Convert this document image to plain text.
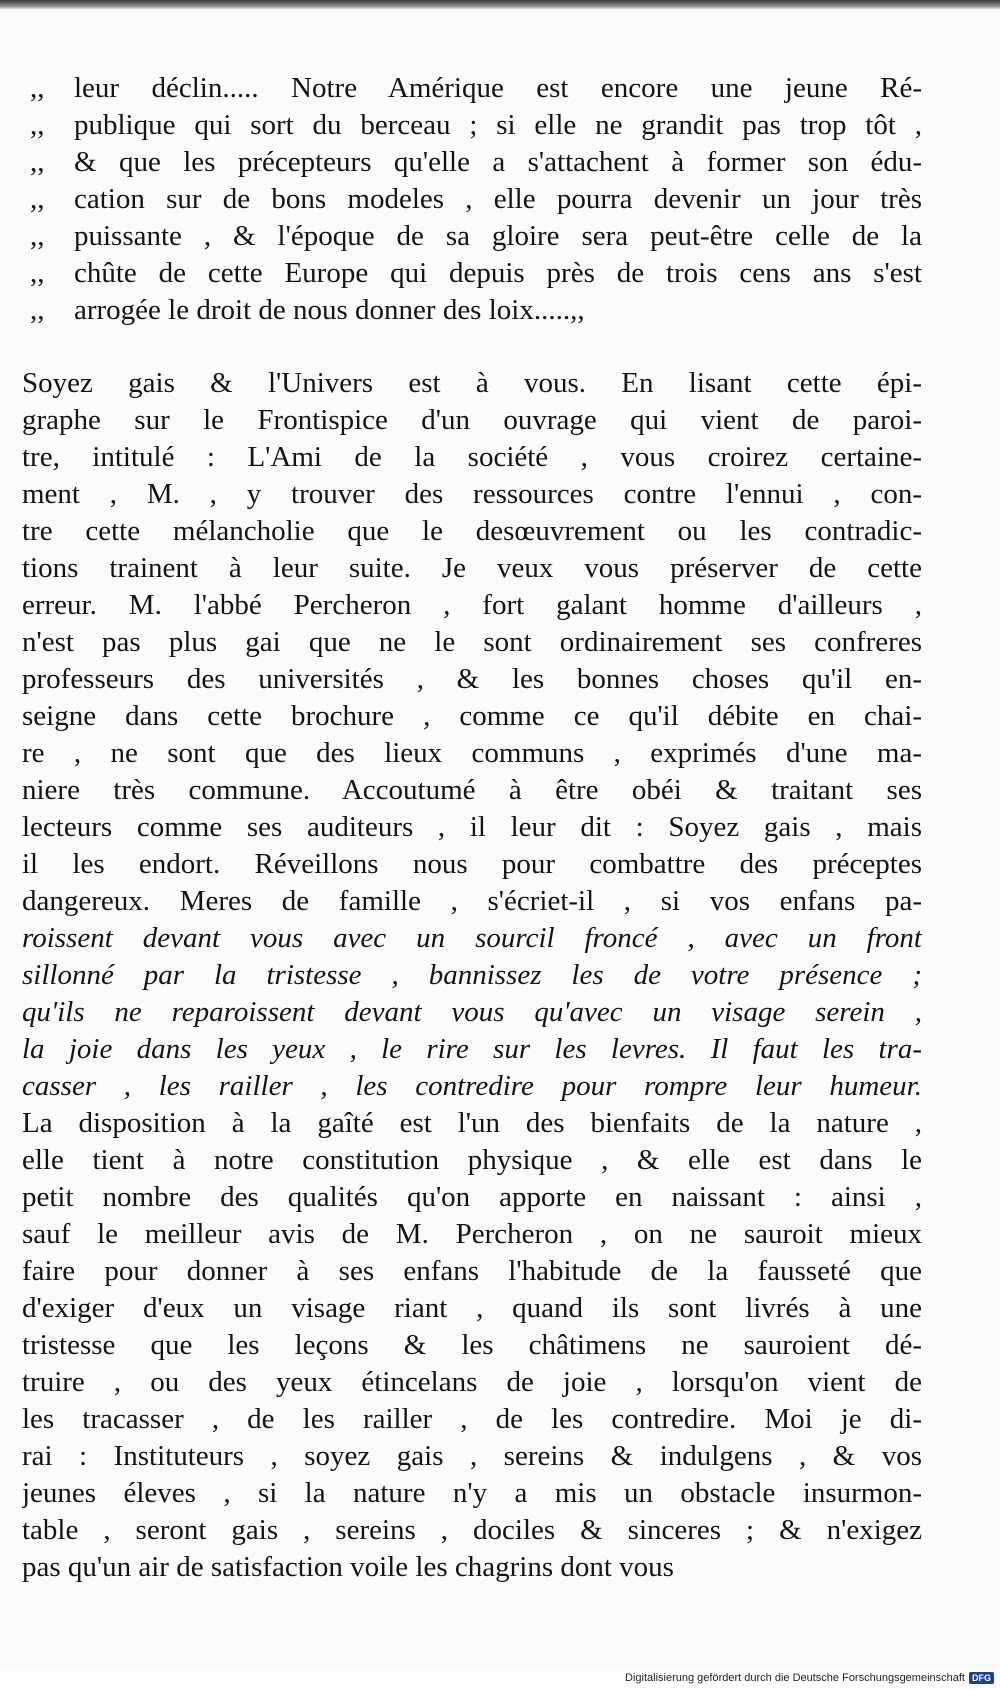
,, leur déclin..... Notre Amérique est encore une jeune Ré-
,, publique qui sort du berceau ; si elle ne grandit pas trop tôt ,
,, & que les précepteurs qu'elle a s'attachent à former son édu-
,, cation sur de bons modeles , elle pourra devenir un jour très
,, puissante , & l'époque de sa gloire sera peut-être celle de la
,, chûte de cette Europe qui depuis près de trois cens ans s'est
,, arrogée le droit de nous donner des loix.....,,
Soyez gais & l'Univers est à vous. En lisant cette épi-
graphe sur le Frontispice d'un ouvrage qui vient de paroi-
tre, intitulé : L'Ami de la société , vous croirez certaine-
ment , M. , y trouver des ressources contre l'ennui , con-
tre cette mélancholie que le desœuvrement ou les contradic-
tions trainent à leur suite. Je veux vous préserver de cette
erreur. M. l'abbé Percheron , fort galant homme d'ailleurs ,
n'est pas plus gai que ne le sont ordinairement ses confreres
professeurs des universités , & les bonnes choses qu'il en-
seigne dans cette brochure , comme ce qu'il débite en chai-
re , ne sont que des lieux communs , exprimés d'une ma-
niere très commune. Accoutumé à être obéi & traitant ses
lecteurs comme ses auditeurs , il leur dit : Soyez gais , mais
il les endort. Réveillons nous pour combattre des préceptes
dangereux. Meres de famille , s'écriet-il , si vos enfans pa-
roissent devant vous avec un sourcil froncé , avec un front
sillonné par la tristesse , bannissez les de votre présence ;
qu'ils ne reparoissent devant vous qu'avec un visage serein ,
la joie dans les yeux , le rire sur les levres. Il faut les tra-
casser , les railler , les contredire pour rompre leur humeur.
La disposition à la gaîté est l'un des bienfaits de la nature ,
elle tient à notre constitution physique , & elle est dans le
petit nombre des qualités qu'on apporte en naissant : ainsi ,
sauf le meilleur avis de M. Percheron , on ne sauroit mieux
faire pour donner à ses enfans l'habitude de la fausseté que
d'exiger d'eux un visage riant , quand ils sont livrés à une
tristesse que les leçons & les châtimens ne sauroient dé-
truire , ou des yeux étincelans de joie , lorsqu'on vient de
les tracasser , de les railler , de les contredire. Moi je di-
rai : Instituteurs , soyez gais , sereins & indulgens , & vos
jeunes éleves , si la nature n'y a mis un obstacle insurmon-
table , seront gais , sereins , dociles & sinceres ; & n'exigez
pas qu'un air de satisfaction voile les chagrins dont vous
Digitalisierung gefördert durch die Deutsche Forschungsgemeinschaft DFG
